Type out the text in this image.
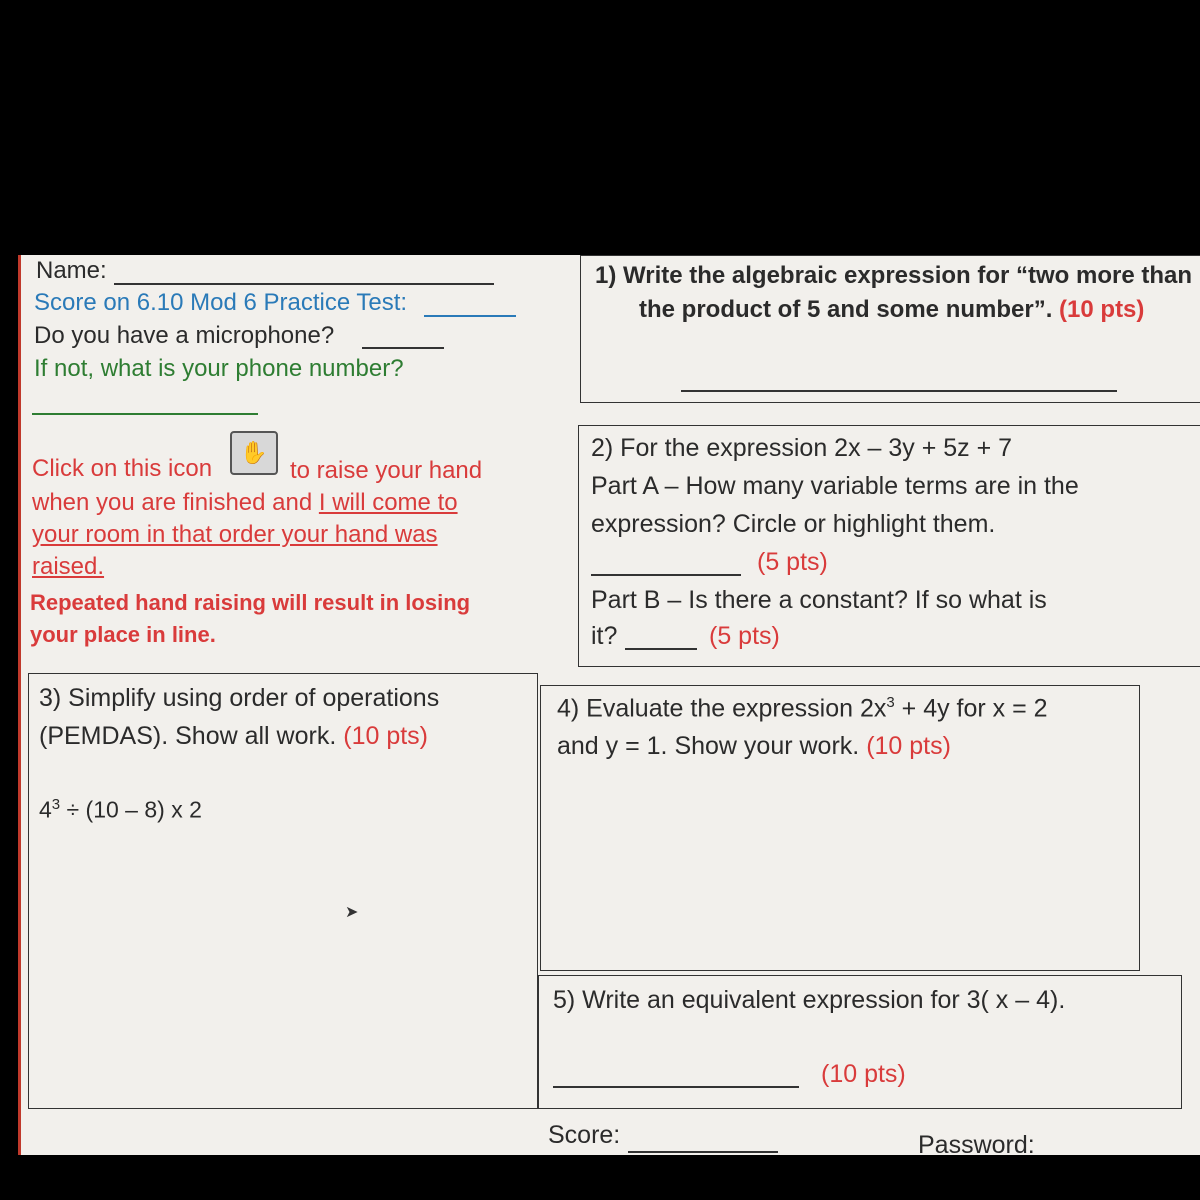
Name:
Score on 6.10 Mod 6 Practice Test:
Do you have a microphone?
If not, what is your phone number?
Click on this icon
✋
to raise your hand
when you are finished and I will come to
your room in that order your hand was
raised.
Repeated hand raising will result in losing
your place in line.
1) Write the algebraic expression for “two more than
the product of 5 and some number”. (10 pts)
2) For the expression 2x – 3y + 5z + 7
Part A – How many variable terms are in the
expression? Circle or highlight them.
(5 pts)
Part B – Is there a constant? If so what is
it?	(5 pts)
3) Simplify using order of operations
(PEMDAS). Show all work. (10 pts)
$4^3 \div (10 - 8)$ x 2
➤
4) Evaluate the expression $2x^3 + 4y$ for x = 2
and y = 1. Show your work. (10 pts)
5) Write an equivalent expression for 3( x – 4).
(10 pts)
Score:	Password:
